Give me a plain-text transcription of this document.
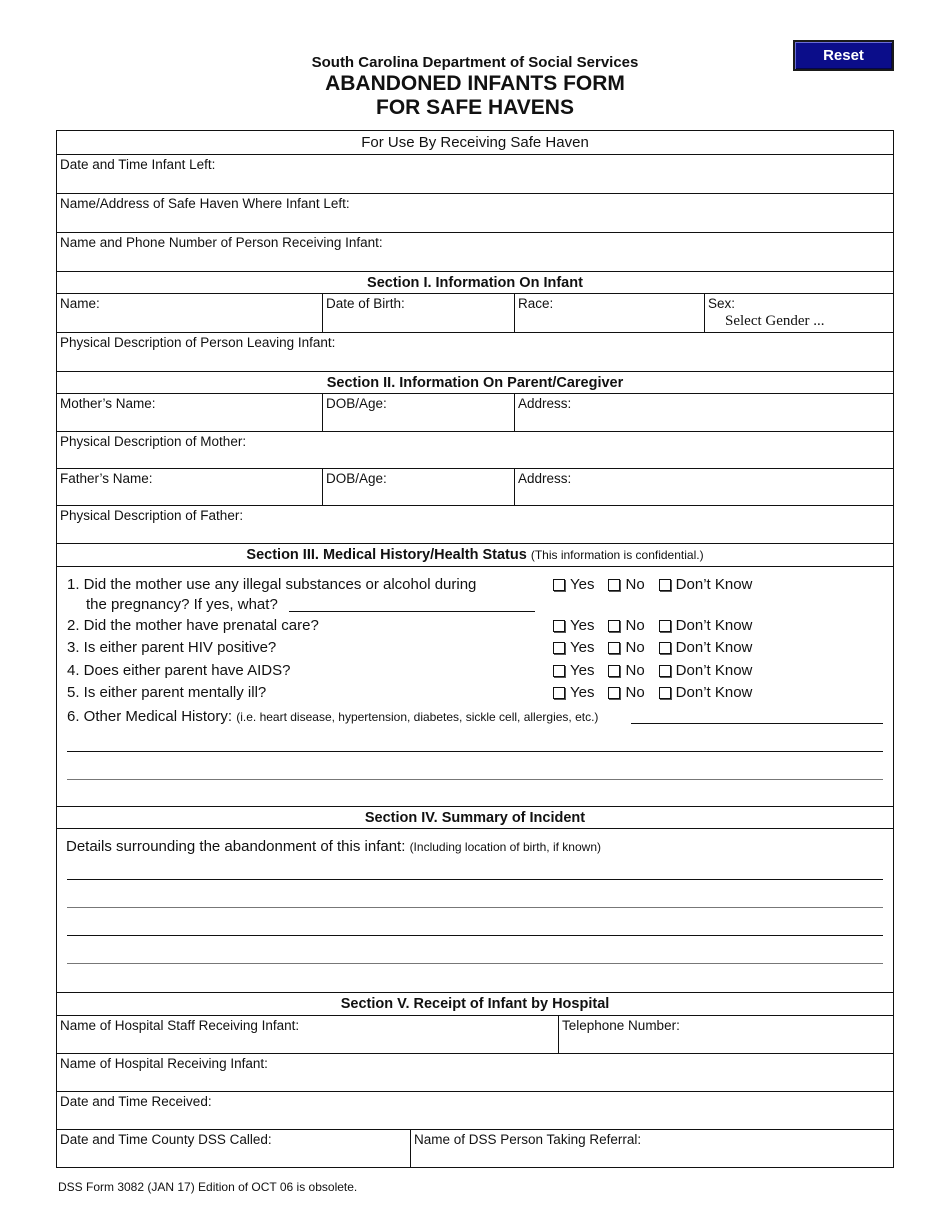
Reset
South Carolina Department of Social Services
ABANDONED INFANTS FORM
FOR SAFE HAVENS
For Use By Receiving Safe Haven
Date and Time Infant Left:
Name/Address of Safe Haven Where Infant Left:
Name and Phone Number of Person Receiving Infant:
Section I. Information On Infant
Name:	Date of Birth:	Race:	Sex:
Select Gender ...
Physical Description of Person Leaving Infant:
Section II. Information On Parent/Caregiver
Mother’s Name:	DOB/Age:	Address:
Physical Description of Mother:
Father’s Name:	DOB/Age:	Address:
Physical Description of Father:
Section III. Medical History/Health Status
(This information is confidential.)
1. Did the mother use any illegal substances or alcohol during
the pregnancy? If yes, what?
Yes No Don’t Know
2. Did the mother have prenatal care?	Yes No Don’t Know
3. Is either parent HIV positive?	Yes No Don’t Know
4. Does either parent have AIDS?	Yes No Don’t Know
5. Is either parent mentally ill?	Yes No Don’t Know
6. Other Medical History: (i.e. heart disease, hypertension, diabetes, sickle cell, allergies, etc.)
Section IV. Summary of Incident
Details surrounding the abandonment of this infant: (Including location of birth, if known)
Section V. Receipt of Infant by Hospital
Name of Hospital Staff Receiving Infant:	Telephone Number:
Name of Hospital Receiving Infant:
Date and Time Received:
Date and Time County DSS Called:	Name of DSS Person Taking Referral:
DSS Form 3082 (JAN 17) Edition of OCT 06 is obsolete.
